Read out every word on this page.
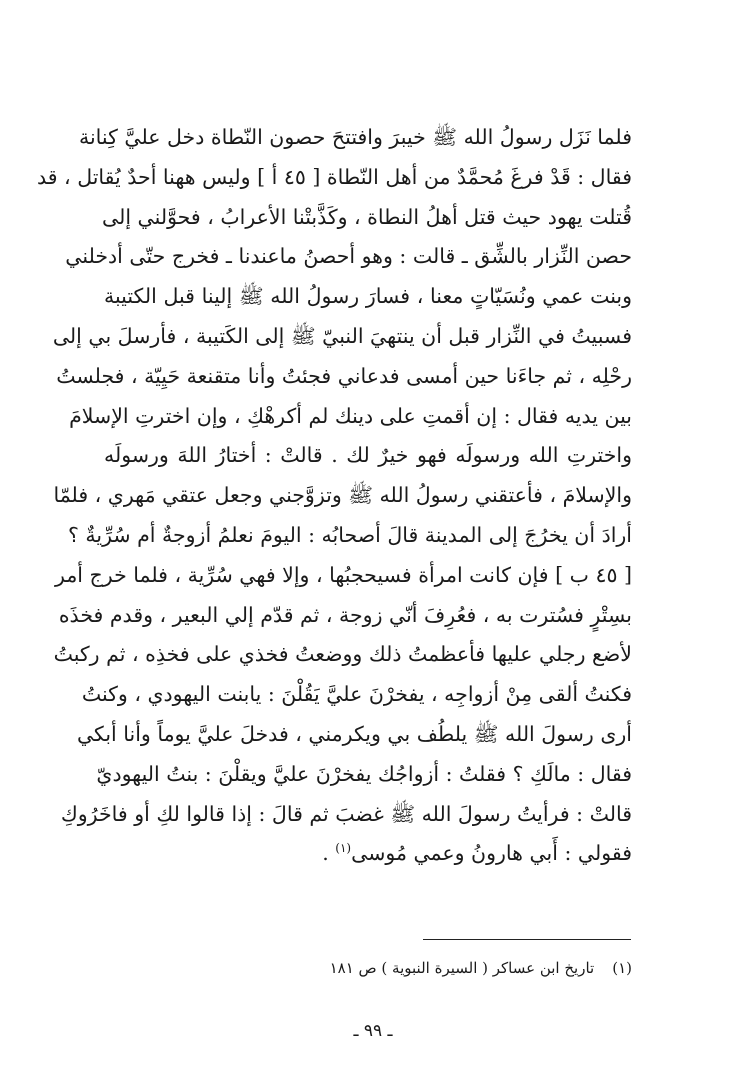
فلما نَزَل رسولُ الله ﷺ خيبرَ وافتتحَ حصون النّطاة دخل عليَّ كِنانة
فقال : قَدْ فرغَ مُحمَّدٌ من أهل النّطاة [ ٤٥ أ ] وليس ههنا أحدٌ يُقاتل ، قد
قُتلت يهود حيث قتل أهلُ النطاة ، وكَذَّبتْنا الأعرابُ ، فحوَّلني إلى
حصن النِّزار بالشِّق ـ قالت : وهو أحصنُ ماعندنا ـ فخرج حتّى أدخلني
وبنت عمي ونُسَيّاتٍ معنا ، فسارَ رسولُ الله ﷺ إلينا قبل الكتيبة
فسبيتُ في النِّزار قبل أن ينتهيَ النبيّ ﷺ إلى الكَتيبة ، فأرسلَ بي إلى
رحْلِه ، ثم جاءَنا حين أمسى فدعاني فجئتُ وأنا متقنعة حَيِيّة ، فجلستُ
بين يديه فقال : إن أقمتِ على دينك لم أكرهْكِ ، وإن اخترتِ الإسلامَ
واخترتِ الله ورسولَه فهو خيرٌ لك . قالتْ : أختارُ اللهَ ورسولَه
والإسلامَ ، فأعتقني رسولُ الله ﷺ وتزوَّجني وجعل عتقي مَهري ، فلمّا
أرادَ أن يخرُجَ إلى المدينة قالَ أصحابُه : اليومَ نعلمُ أزوجةٌ أم سُرِّيةٌ ؟
[ ٤٥ ب ] فإن كانت امرأة فسيحجبُها ، وإلا فهي سُرِّية ، فلما خرج أمر
بسِتْرٍ فسُترت به ، فعُرِفَ أنّي زوجة ، ثم قدّم إلي البعير ، وقدم فخذَه
لأضع رجلي عليها فأعظمتُ ذلك ووضعتُ فخذي على فخذِه ، ثم ركبتُ
فكنتُ ألقى مِنْ أزواجِه ، يفخرْنَ عليَّ يَقُلْنَ : يابنت اليهودي ، وكنتُ
أرى رسولَ الله ﷺ يلطُف بي ويكرمني ، فدخلَ عليَّ يوماً وأنا أبكي
فقال : مالَكِ ؟ فقلتُ : أزواجُك يفخرْنَ عليَّ ويقلْنَ : بنتُ اليهوديّ
قالتْ : فرأيتُ رسولَ الله ﷺ غضبَ ثم قالَ : إذا قالوا لكِ أو فاخَرُوكِ
فقولي : أَبي هارونُ وعمي مُوسى$^{(١)}$ .
(١)تاريخ ابن عساكر ( السيرة النبوية ) ص ١٨١
ـ ٩٩ ـ
